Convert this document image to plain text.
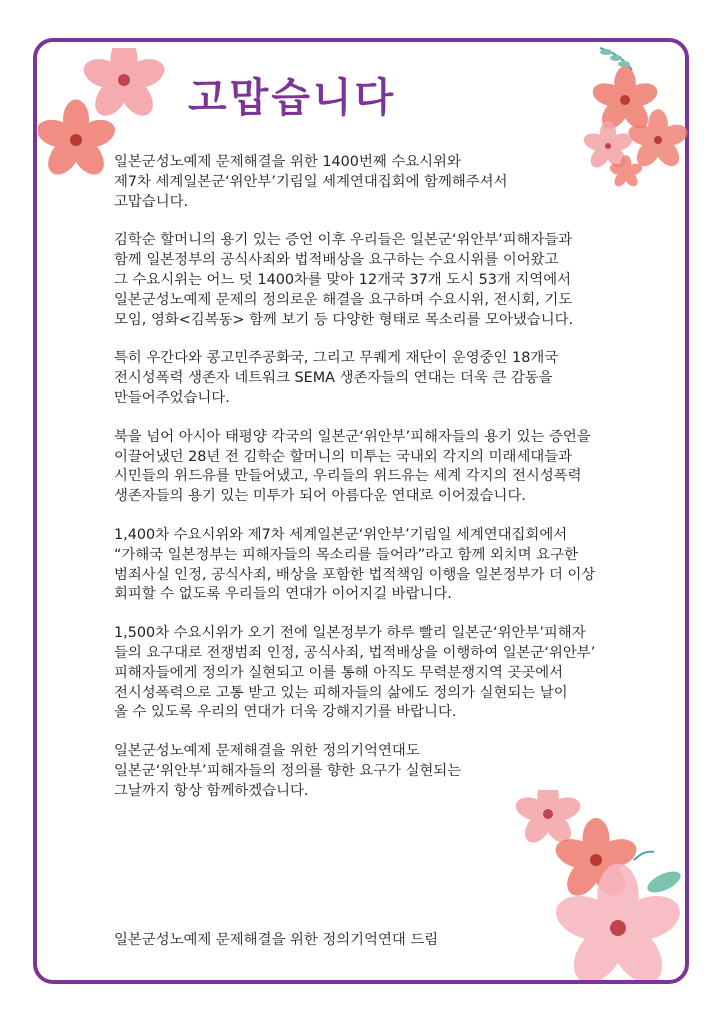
고맙습니다

일본군성노예제 문제해결을 위한 1400번째 수요시위와
제7차 세계일본군‘위안부’기림일 세계연대집회에 함께해주셔서
고맙습니다.

김학순 할머니의 용기 있는 증언 이후 우리들은 일본군‘위안부’피해자들과
함께 일본정부의 공식사죄와 법적배상을 요구하는 수요시위를 이어왔고
그 수요시위는 어느 덧 1400차를 맞아 12개국 37개 도시 53개 지역에서
일본군성노예제 문제의 정의로운 해결을 요구하며 수요시위, 전시회, 기도
모임, 영화<김복동> 함께 보기 등 다양한 형태로 목소리를 모아냈습니다.

특히 우간다와 콩고민주공화국, 그리고 무퀘게 재단이 운영중인 18개국
전시성폭력 생존자 네트워크 SEMA 생존자들의 연대는 더욱 큰 감동을
만들어주었습니다.

북을 넘어 아시아 태평양 각국의 일본군‘위안부’피해자들의 용기 있는 증언을
이끌어냈던 28년 전 김학순 할머니의 미투는 국내외 각지의 미래세대들과
시민들의 위드유를 만들어냈고, 우리들의 위드유는 세계 각지의 전시성폭력
생존자들의 용기 있는 미투가 되어 아름다운 연대로 이어졌습니다.

1,400차 수요시위와 제7차 세계일본군‘위안부’기림일 세계연대집회에서
“가해국 일본정부는 피해자들의 목소리를 들어라”라고 함께 외치며 요구한
범죄사실 인정, 공식사죄, 배상을 포함한 법적책임 이행을 일본정부가 더 이상
회피할 수 없도록 우리들의 연대가 이어지길 바랍니다.

1,500차 수요시위가 오기 전에 일본정부가 하루 빨리 일본군‘위안부’피해자
들의 요구대로 전쟁범죄 인정, 공식사죄, 법적배상을 이행하여 일본군‘위안부’
피해자들에게 정의가 실현되고 이를 통해 아직도 무력분쟁지역 곳곳에서
전시성폭력으로 고통 받고 있는 피해자들의 삶에도 정의가 실현되는 날이
올 수 있도록 우리의 연대가 더욱 강해지기를 바랍니다.

일본군성노예제 문제해결을 위한 정의기억연대도
일본군‘위안부’피해자들의 정의를 향한 요구가 실현되는
그날까지 항상 함께하겠습니다.

일본군성노예제 문제해결을 위한 정의기억연대 드림
